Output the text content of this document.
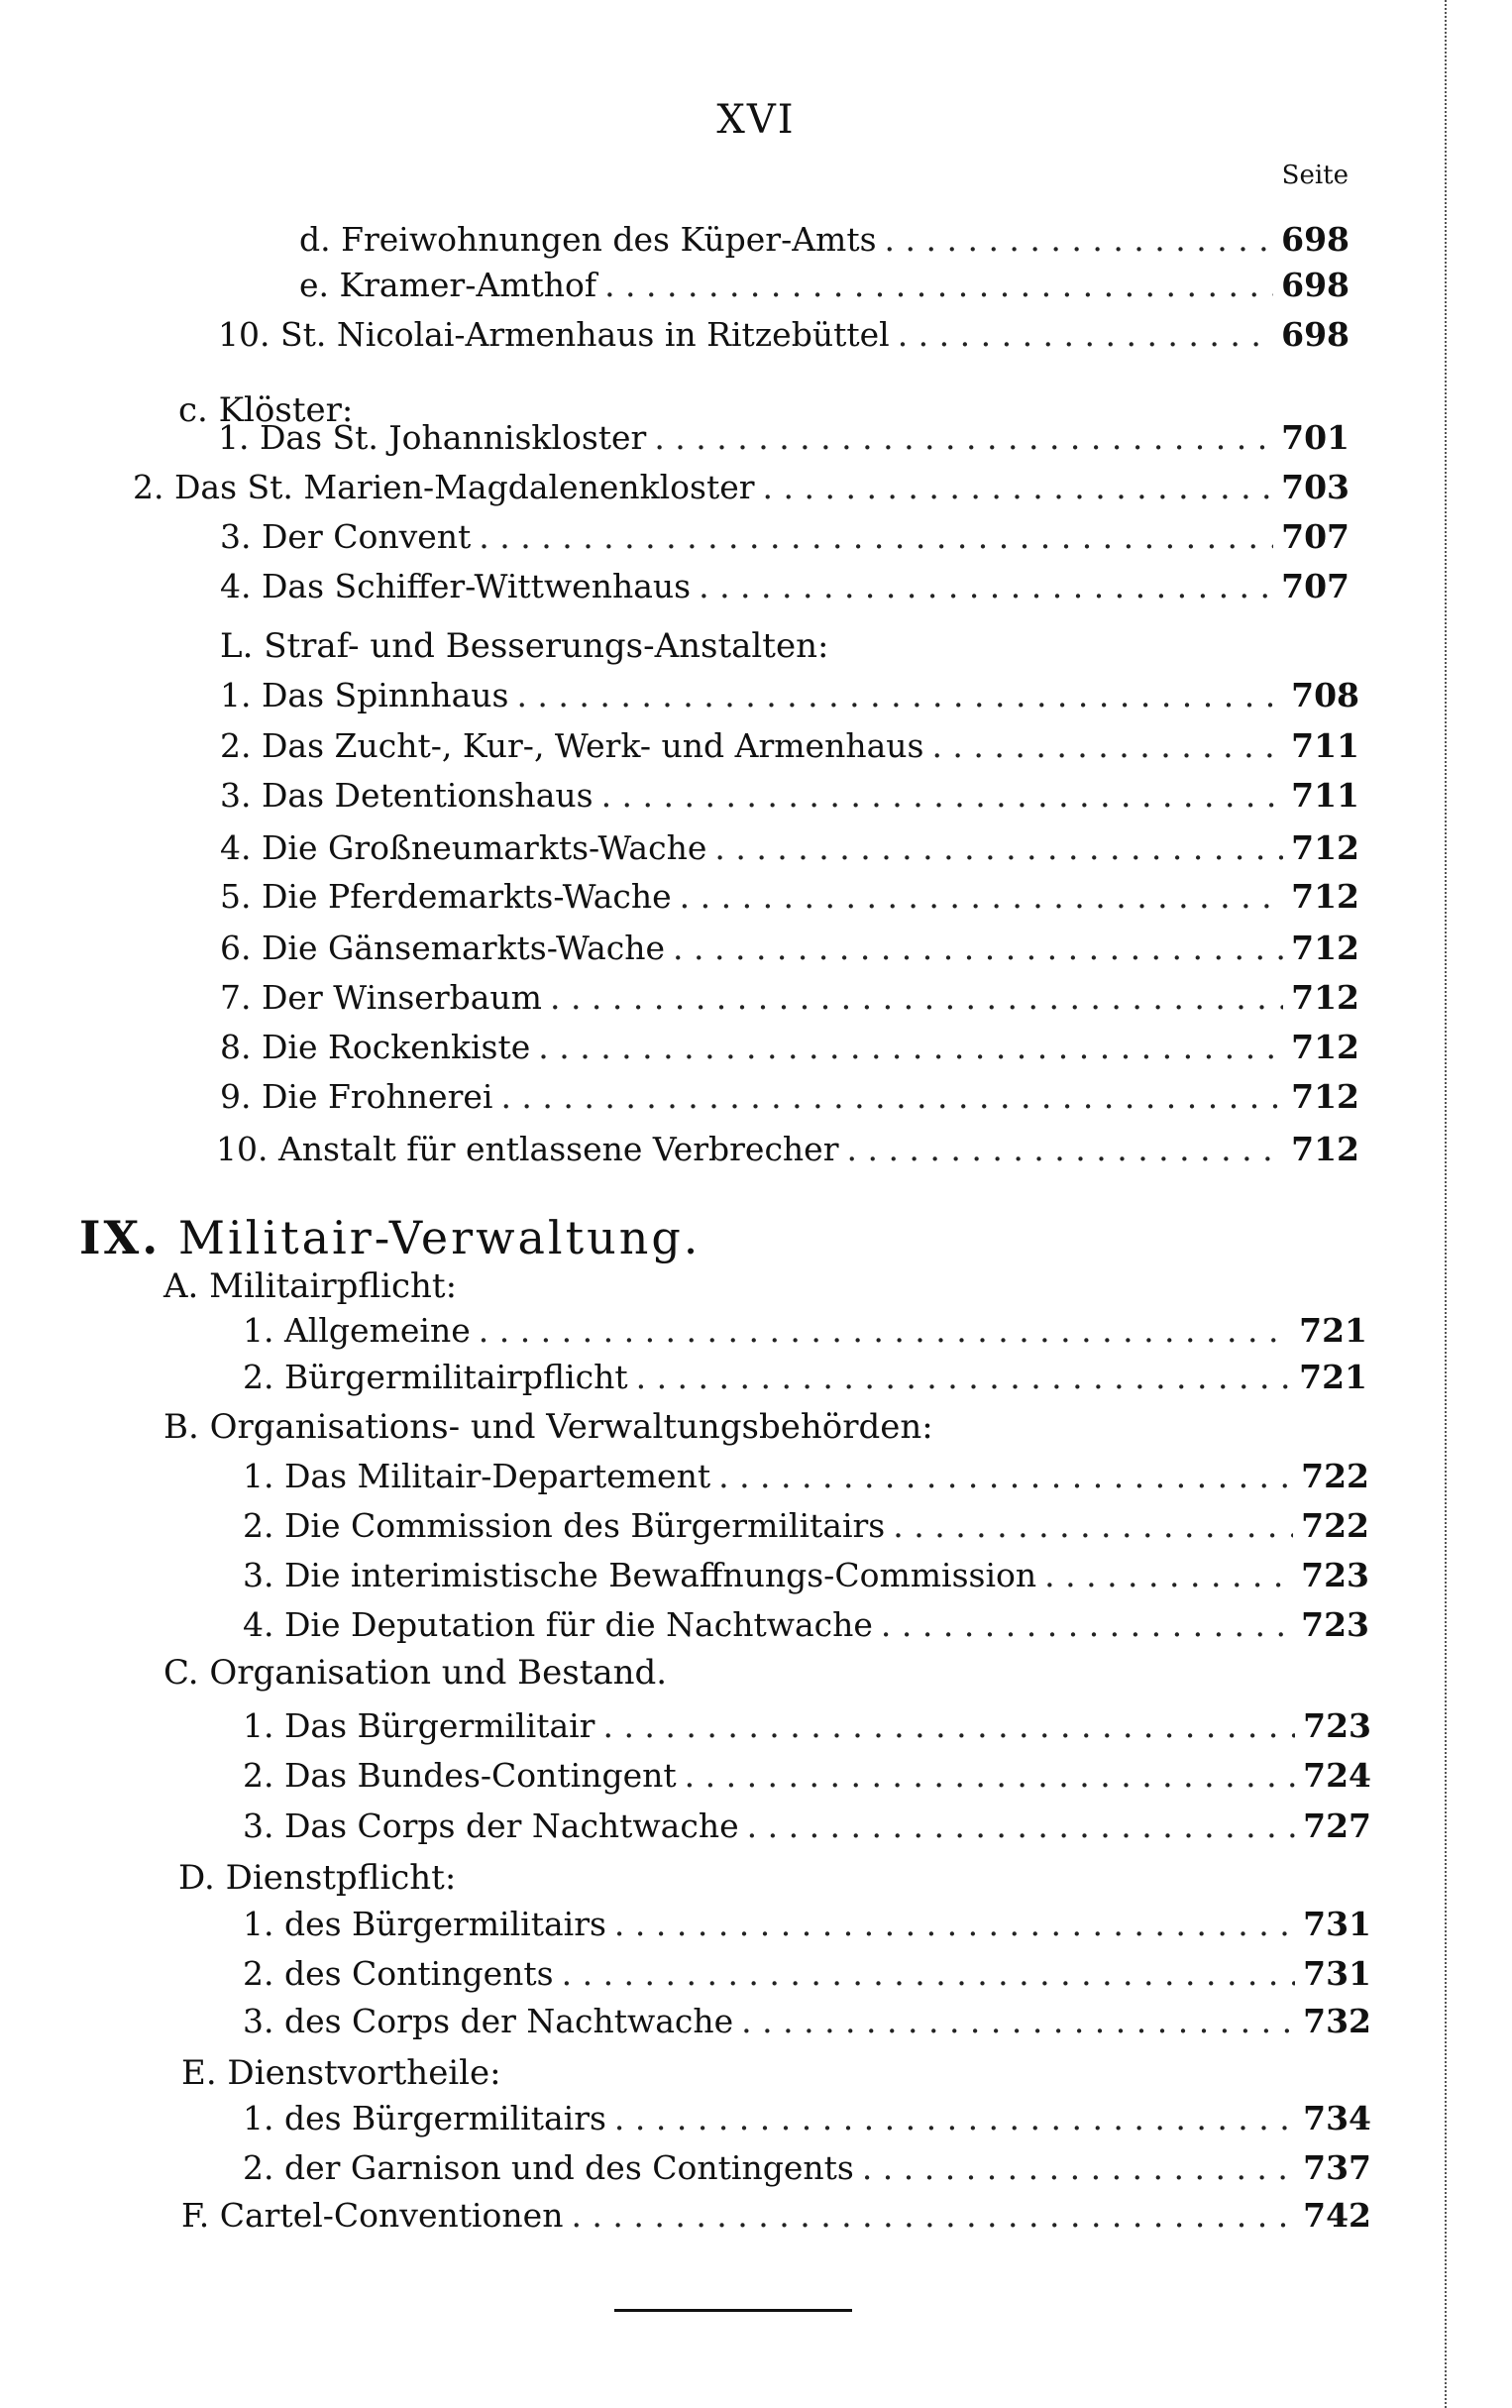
XVI
Seite
d. Freiwohnungen des Küper-Amts . . .	698
e. Kramer-Amthof . . .	698
10. St. Nicolai-Armenhaus in Ritzebüttel . . .	698
c. Klöster:
1. Das St. Johanniskloster . . .	701
2. Das St. Marien-Magdalenenkloster . . .	703
3. Der Convent . . .	707
4. Das Schiffer-Wittwenhaus . . .	707
L. Straf- und Besserungs-Anstalten:
1. Das Spinnhaus . . .	708
2. Das Zucht-, Kur-, Werk- und Armenhaus . . .	711
3. Das Detentionshaus . . .	711
4. Die Großneumarkts-Wache . . .	712
5. Die Pferdemarkts-Wache . . .	712
6. Die Gänsemarkts-Wache . . .	712
7. Der Winserbaum . . .	712
8. Die Rockenkiste . . .	712
9. Die Frohnerei . . .	712
10. Anstalt für entlassene Verbrecher . . .	712
IX. Militair-Verwaltung.
A. Militairpflicht:
1. Allgemeine . . .	721
2. Bürgermilitairpflicht . . .	721
B. Organisations- und Verwaltungsbehörden:
1. Das Militair-Departement . . .	722
2. Die Commission des Bürgermilitairs . . .	722
3. Die interimistische Bewaffnungs-Commission . . .	723
4. Die Deputation für die Nachtwache . . .	723
C. Organisation und Bestand.
1. Das Bürgermilitair . . .	723
2. Das Bundes-Contingent . . .	724
3. Das Corps der Nachtwache . . .	727
D. Dienstpflicht:
1. des Bürgermilitairs . . .	731
2. des Contingents . . .	731
3. des Corps der Nachtwache . . .	732
E. Dienstvortheile:
1. des Bürgermilitairs . . .	734
2. der Garnison und des Contingents . . .	737
F. Cartel-Conventionen . . .	742
